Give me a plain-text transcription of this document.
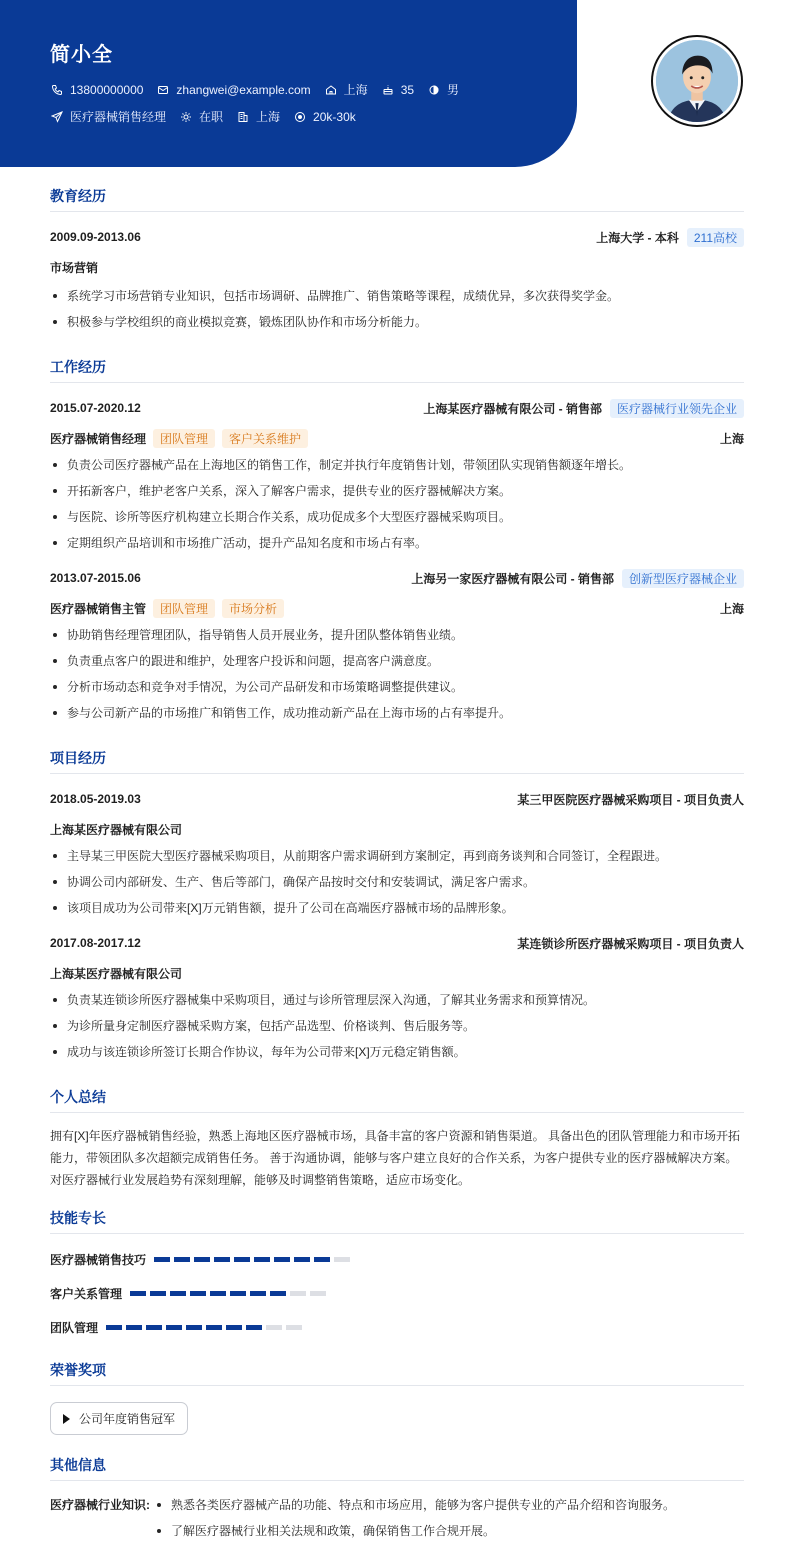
简小全
13800000000	zhangwei@example.com	上海	35	男
医疗器械销售经理	在职	上海	20k-30k
教育经历
2009.09-2013.06	上海大学 - 本科	211高校
市场营销
系统学习市场营销专业知识，包括市场调研、品牌推广、销售策略等课程，成绩优异，多次获得奖学金。
积极参与学校组织的商业模拟竞赛，锻炼团队协作和市场分析能力。
工作经历
2015.07-2020.12	上海某医疗器械有限公司 - 销售部	医疗器械行业领先企业
医疗器械销售经理	团队管理	客户关系维护	上海
负责公司医疗器械产品在上海地区的销售工作，制定并执行年度销售计划，带领团队实现销售额逐年增长。
开拓新客户，维护老客户关系，深入了解客户需求，提供专业的医疗器械解决方案。
与医院、诊所等医疗机构建立长期合作关系，成功促成多个大型医疗器械采购项目。
定期组织产品培训和市场推广活动，提升产品知名度和市场占有率。
2013.07-2015.06	上海另一家医疗器械有限公司 - 销售部	创新型医疗器械企业
医疗器械销售主管	团队管理	市场分析	上海
协助销售经理管理团队，指导销售人员开展业务，提升团队整体销售业绩。
负责重点客户的跟进和维护，处理客户投诉和问题，提高客户满意度。
分析市场动态和竞争对手情况，为公司产品研发和市场策略调整提供建议。
参与公司新产品的市场推广和销售工作，成功推动新产品在上海市场的占有率提升。
项目经历
2018.05-2019.03	某三甲医院医疗器械采购项目 - 项目负责人
上海某医疗器械有限公司
主导某三甲医院大型医疗器械采购项目，从前期客户需求调研到方案制定，再到商务谈判和合同签订，全程跟进。
协调公司内部研发、生产、售后等部门，确保产品按时交付和安装调试，满足客户需求。
该项目成功为公司带来[X]万元销售额，提升了公司在高端医疗器械市场的品牌形象。
2017.08-2017.12	某连锁诊所医疗器械采购项目 - 项目负责人
上海某医疗器械有限公司
负责某连锁诊所医疗器械集中采购项目，通过与诊所管理层深入沟通，了解其业务需求和预算情况。
为诊所量身定制医疗器械采购方案，包括产品选型、价格谈判、售后服务等。
成功与该连锁诊所签订长期合作协议，每年为公司带来[X]万元稳定销售额。
个人总结
拥有[X]年医疗器械销售经验，熟悉上海地区医疗器械市场，具备丰富的客户资源和销售渠道。 具备出色的团队管理能力和市场开拓能力，带领团队多次超额完成销售任务。 善于沟通协调，能够与客户建立良好的合作关系，为客户提供专业的医疗器械解决方案。 对医疗器械行业发展趋势有深刻理解，能够及时调整销售策略，适应市场变化。
技能专长
医疗器械销售技巧
客户关系管理
团队管理
荣誉奖项
公司年度销售冠军
其他信息
医疗器械行业知识:	熟悉各类医疗器械产品的功能、特点和市场应用，能够为客户提供专业的产品介绍和咨询服务。
了解医疗器械行业相关法规和政策，确保销售工作合规开展。
